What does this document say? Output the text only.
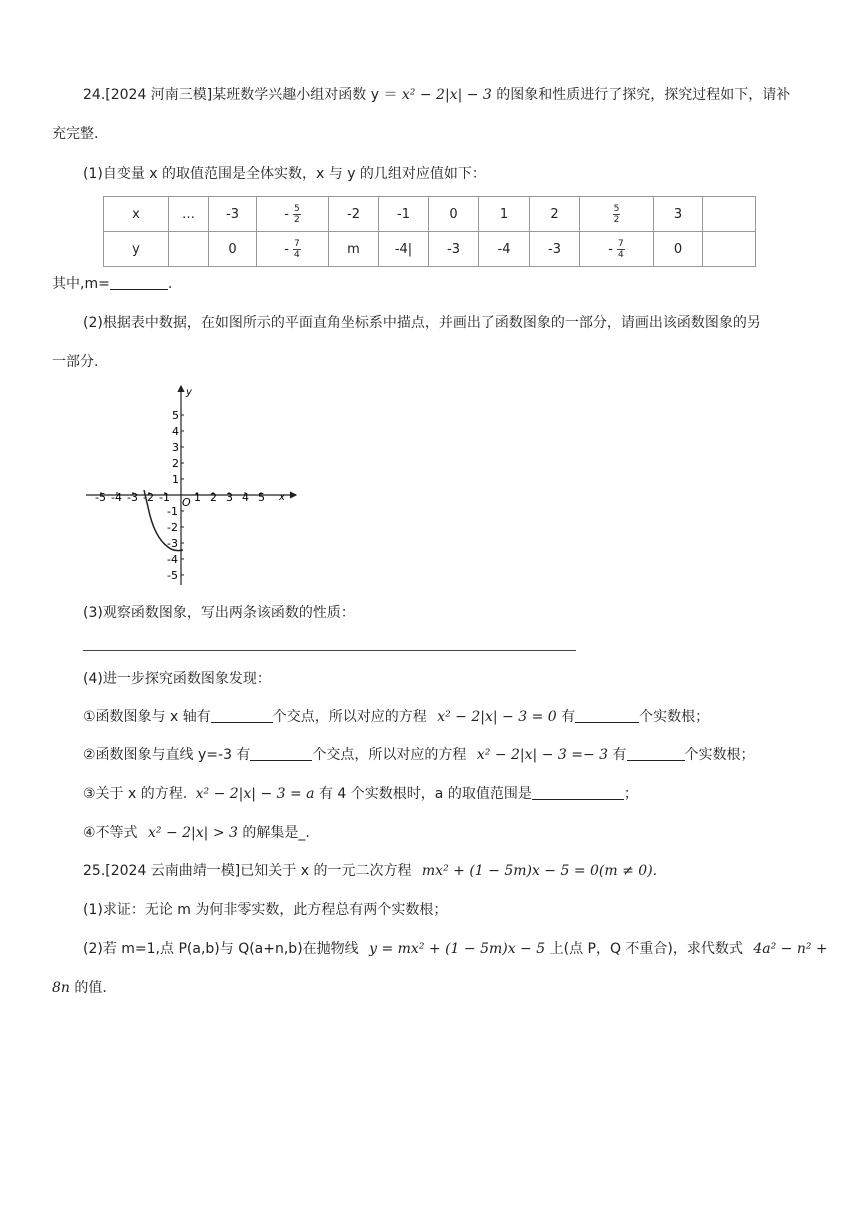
24.[2024 河南三模]某班数学兴趣小组对函数 y ＝ x² − 2|x| − 3 的图象和性质进行了探究，探究过程如下，请补
充完整.
(1)自变量 x 的取值范围是全体实数，x 与 y 的几组对应值如下：
x	…	-3	- $\frac{5}{2}$	-2	-1	0	1	2	$\frac{5}{2}$	3	
y		0	- $\frac{7}{4}$	m	-4|	-3	-4	-3	- $\frac{7}{4}$	0	
其中,m=	.
(2)根据表中数据，在如图所示的平面直角坐标系中描点，并画出了函数图象的一部分，请画出该函数图象的另
一部分.
-5 -4 -3 -2 -1 1 2 3 4 5
5
4
3
2
1
-1
-2
-3
-4
-5
x
y
O
(3)观察函数图象，写出两条该函数的性质：
(4)进一步探究函数图象发现：
①函数图象与 x 轴有	个交点，所以对应的方程 x² − 2|x| − 3 = 0 有	个实数根；
②函数图象与直线 y=-3 有	个交点，所以对应的方程 x² − 2|x| − 3 =− 3 有	个实数根；
③关于 x 的方程. x² − 2|x| − 3 = a 有 4 个实数根时，a 的取值范围是	；
④不等式 x² − 2|x| > 3 的解集是_.
25.[2024 云南曲靖一模]已知关于 x 的一元二次方程 mx² + (1 − 5m)x − 5 = 0(m ≠ 0).
(1)求证：无论 m 为何非零实数，此方程总有两个实数根；
(2)若 m=1,点 P(a,b)与 Q(a+n,b)在抛物线 y = mx² + (1 − 5m)x − 5 上(点 P，Q 不重合)，求代数式 4a² − n² +
8n 的值.
